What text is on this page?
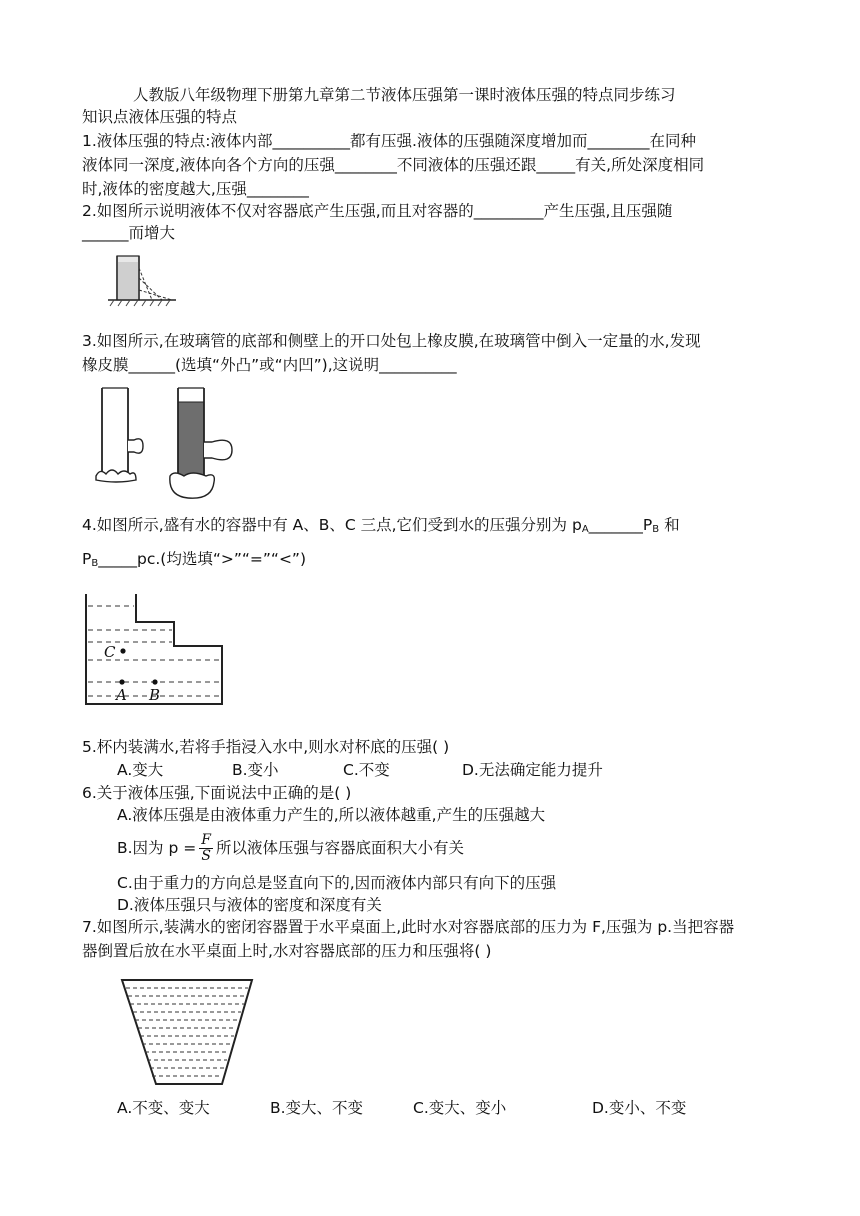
人教版八年级物理下册第九章第二节液体压强第一课时液体压强的特点同步练习
知识点液体压强的特点
1.液体压强的特点:液体内部__________都有压强.液体的压强随深度增加而________在同种
液体同一深度,液体向各个方向的压强________不同液体的压强还跟_____有关,所处深度相同
时,液体的密度越大,压强________
2.如图所示说明液体不仅对容器底产生压强,而且对容器的_________产生压强,且压强随
______而增大
3.如图所示,在玻璃管的底部和侧壁上的开口处包上橡皮膜,在玻璃管中倒入一定量的水,发现
橡皮膜______(选填“外凸”或“内凹”),这说明__________
4.如图所示,盛有水的容器中有 A、B、C 三点,它们受到水的压强分别为 $p_A\_\_\_\_\_\_\_P_B$ 和
$P_B\_\_\_\_\_pc$.(均选填“>”“=”“<”)
C
A B
5.杯内装满水,若将手指浸入水中,则水对杯底的压强( )
A.变大	B.变小	C.不变	D.无法确定能力提升
6.关于液体压强,下面说法中正确的是( )
A.液体压强是由液体重力产生的,所以液体越重,产生的压强越大
B.因为 $p = \frac{F}{S}$ 所以液体压强与容器底面积大小有关
C.由于重力的方向总是竖直向下的,因而液体内部只有向下的压强
D.液体压强只与液体的密度和深度有关
7.如图所示,装满水的密闭容器置于水平桌面上,此时水对容器底部的压力为 F,压强为 p.当把容器
器倒置后放在水平桌面上时,水对容器底部的压力和压强将( )
A.不变、变大	B.变大、不变	C.变大、变小	D.变小、不变
